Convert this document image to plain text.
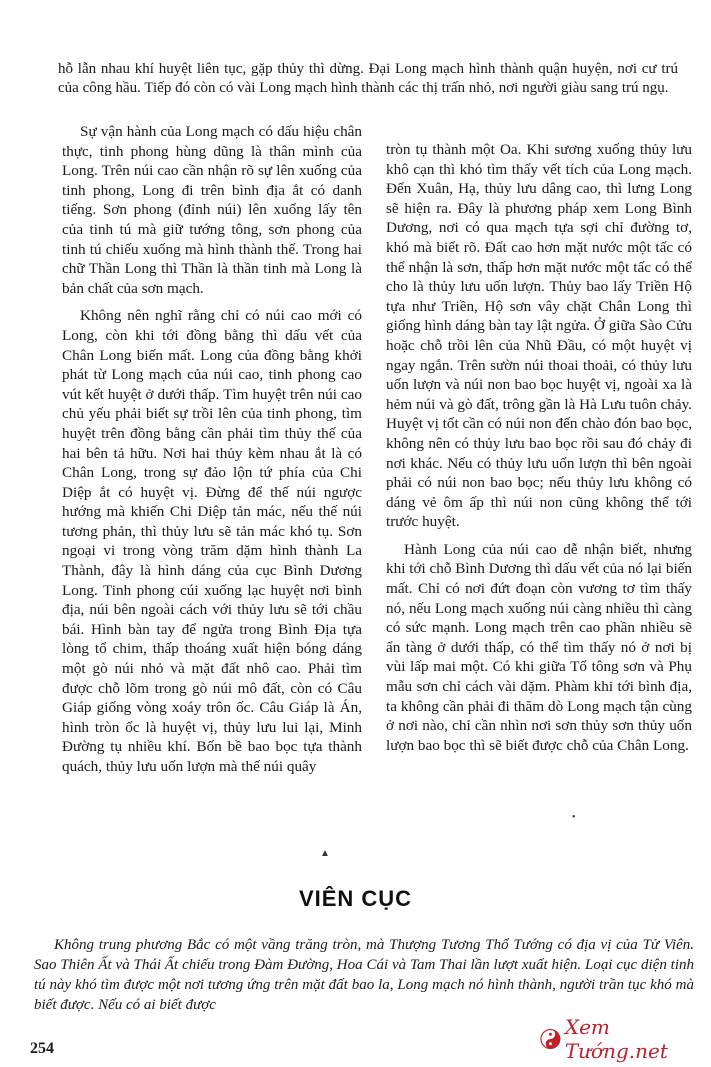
hỗ lẫn nhau khí huyệt liên tục, gặp thủy thì dừng. Đại Long mạch hình thành quận huyện, nơi cư trú của công hầu. Tiếp đó còn có vài Long mạch hình thành các thị trấn nhỏ, nơi người giàu sang trú ngụ.

Sự vận hành của Long mạch có dấu hiệu chân thực, tinh phong hùng dũng là thân mình của Long. Trên núi cao cần nhận rõ sự lên xuống của tinh phong, Long đi trên bình địa ắt có danh tiếng. Sơn phong (đỉnh núi) lên xuống lấy tên của tinh tú mà giữ tướng tông, sơn phong của tinh tú chiếu xuống mà hình thành thế. Trong hai chữ Thần Long thì Thần là thần tinh mà Long là bản chất của sơn mạch.

Không nên nghĩ rằng chỉ có núi cao mới có Long, còn khi tới đồng bằng thì dấu vết của Chân Long biến mất. Long của đồng bằng khởi phát từ Long mạch của núi cao, tinh phong cao vút kết huyệt ở dưới thấp. Tìm huyệt trên núi cao chủ yếu phải biết sự trồi lên của tinh phong, tìm huyệt trên đồng bằng cần phải tìm thủy thế của hai bên tả hữu. Nơi hai thủy kèm nhau ắt là có Chân Long, trong sự đảo lộn tứ phía của Chi Diệp ắt có huyệt vị. Đừng để thế núi ngược hướng mà khiến Chi Diệp tản mác, nếu thế núi tương phản, thì thủy lưu sẽ tản mác khó tụ. Sơn ngoại vi trong vòng trăm dặm hình thành La Thành, đây là hình dáng của cục Bình Dương Long. Tinh phong cúi xuống lạc huyệt nơi bình địa, núi bên ngoài cách với thủy lưu sẽ tới chầu bái. Hình bàn tay để ngửa trong Bình Địa tựa lòng tổ chim, thấp thoáng xuất hiện bóng dáng một gò núi nhỏ và mặt đất nhô cao. Phải tìm được chỗ lõm trong gò núi mô đất, còn có Câu Giáp giống vòng xoáy trôn ốc. Câu Giáp là Án, hình tròn ốc là huyệt vị, thủy lưu lui lại, Minh Đường tụ nhiều khí. Bốn bề bao bọc tựa thành quách, thủy lưu uốn lượn mà thế núi quây

tròn tụ thành một Oa. Khi sương xuống thủy lưu khô cạn thì khó tìm thấy vết tích của Long mạch. Đến Xuân, Hạ, thủy lưu dâng cao, thì lưng Long sẽ hiện ra. Đây là phương pháp xem Long Bình Dương, nơi có qua mạch tựa sợi chỉ đường tơ, khó mà biết rõ. Đất cao hơn mặt nước một tấc có thể nhận là sơn, thấp hơn mặt nước một tấc có thể cho là thủy lưu uốn lượn. Thủy bao lấy Triền Hộ tựa như Triền, Hộ sơn vây chặt Chân Long thì giống hình dáng bàn tay lật ngửa. Ở giữa Sào Cửu hoặc chỗ trồi lên của Nhũ Đầu, có một huyệt vị ngay ngắn. Trên sườn núi thoai thoải, có thủy lưu uốn lượn và núi non bao bọc huyệt vị, ngoài xa là hẻm núi và gò đất, trông gần là Hà Lưu tuôn chảy. Huyệt vị tốt cần có núi non đến chào đón bao bọc, không nên có thủy lưu bao bọc rồi sau đó chảy đi nơi khác. Nếu có thủy lưu uốn lượn thì bên ngoài phải có núi non bao bọc; nếu thủy lưu không có dáng vẻ ôm ấp thì núi non cũng không thể tới trước huyệt.

Hành Long của núi cao dễ nhận biết, nhưng khi tới chỗ Bình Dương thì dấu vết của nó lại biến mất. Chỉ có nơi đứt đoạn còn vương tơ tìm thấy nó, nếu Long mạch xuống núi càng nhiều thì càng có sức mạnh. Long mạch trên cao phần nhiều sẽ ẩn tàng ở dưới thấp, có thể tìm thấy nó ở nơi bị vùi lấp mai một. Có khi giữa Tổ tông sơn và Phụ mẫu sơn chỉ cách vài dặm. Phàm khi tới bình địa, ta không cần phải đi thăm dò Long mạch tận cùng ở nơi nào, chỉ cần nhìn nơi sơn thủy sơn thủy uốn lượn bao bọc thì sẽ biết được chỗ của Chân Long.

•
▲
VIÊN CỤC

Không trung phương Bắc có một vầng trăng tròn, mà Thượng Tương Thổ Tướng có địa vị của Tử Viên. Sao Thiên Ất và Thái Ất chiếu trong Đàm Đường, Hoa Cái và Tam Thai lần lượt xuất hiện. Loại cục diện tinh tú này khó tìm được một nơi tương ứng trên mặt đất bao la, Long mạch nó hình thành, người trần tục khó mà biết được. Nếu có ai biết được

254
Xem Tướng.net
